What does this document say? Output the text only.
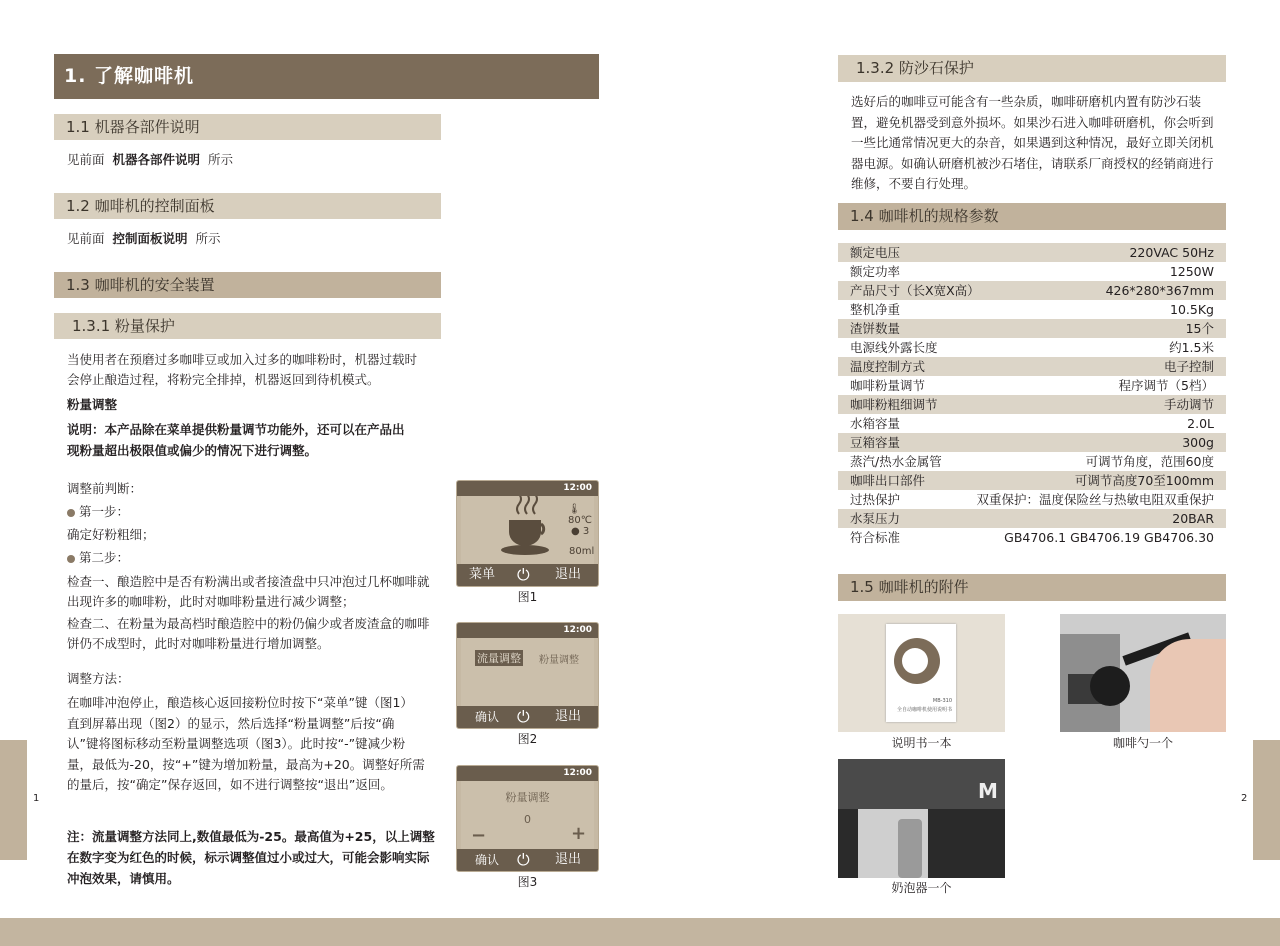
1. 了解咖啡机
1.1 机器各部件说明
见前面 机器各部件说明 所示
1.2 咖啡机的控制面板
见前面 控制面板说明 所示
1.3 咖啡机的安全装置
1.3.1 粉量保护
当使用者在预磨过多咖啡豆或加入过多的咖啡粉时，机器过载时
会停止酿造过程，将粉完全排掉，机器返回到待机模式。
粉量调整
说明：本产品除在菜单提供粉量调节功能外，还可以在产品出
现粉量超出极限值或偏少的情况下进行调整。
调整前判断：
第一步：
确定好粉粗细；
第二步：
检查一、酿造腔中是否有粉满出或者接渣盘中只冲泡过几杯咖啡就
出现许多的咖啡粉，此时对咖啡粉量进行减少调整；
检查二、在粉量为最高档时酿造腔中的粉仍偏少或者废渣盒的咖啡
饼仍不成型时，此时对咖啡粉量进行增加调整。
调整方法：
在咖啡冲泡停止，酿造核心返回接粉位时按下“菜单”键（图1）
直到屏幕出现（图2）的显示，然后选择“粉量调整”后按“确
认”键将图标移动至粉量调整选项（图3）。此时按“-”键减少粉
量，最低为-20，按“+”键为增加粉量，最高为+20。调整好所需
的量后，按“确定”保存返回，如不进行调整按“退出”返回。
注：流量调整方法同上,数值最低为-25。最高值为+25，以上调整
在数字变为红色的时候，标示调整值过小或过大，可能会影响实际
冲泡效果，请慎用。
12:00
🌡80℃
● 3
80ml
菜单 ⏻ 退出
图1
12:00
流量调整 粉量调整
确认 ⏻ 退出
图2
12:00
粉量调整
0
−	+
确认 ⏻ 退出
图3
1
1.3.2 防沙石保护
选好后的咖啡豆可能含有一些杂质，咖啡研磨机内置有防沙石装
置，避免机器受到意外损坏。如果沙石进入咖啡研磨机，你会听到
一些比通常情况更大的杂音，如果遇到这种情况，最好立即关闭机
器电源。如确认研磨机被沙石堵住，请联系厂商授权的经销商进行
维修，不要自行处理。
1.4 咖啡机的规格参数
额定电压	220VAC 50Hz
额定功率	1250W
产品尺寸（长X宽X高）	426*280*367mm
整机净重	10.5Kg
渣饼数量	15个
电源线外露长度	约1.5米
温度控制方式	电子控制
咖啡粉量调节	程序调节（5档）
咖啡粉粗细调节	手动调节
水箱容量	2.0L
豆箱容量	300g
蒸汽/热水金属管	可调节角度，范围60度
咖啡出口部件	可调节高度70至100mm
过热保护	双重保护：温度保险丝与热敏电阻双重保护
水泵压力	20BAR
符合标准	GB4706.1 GB4706.19 GB4706.30
1.5 咖啡机的附件
MB-310
全自动咖啡机使用说明书
说明书一本	咖啡勺一个
M
奶泡器一个
2
